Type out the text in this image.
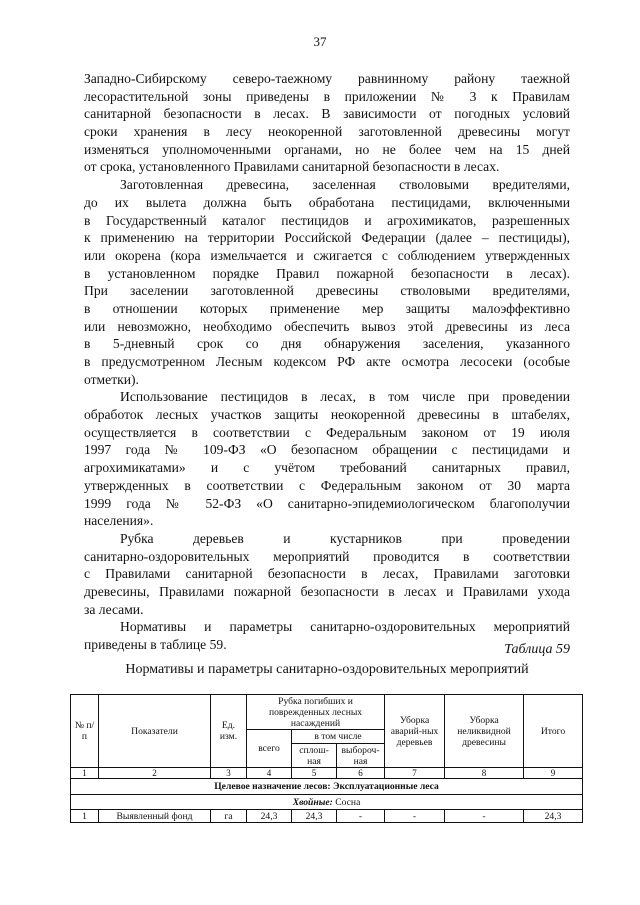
37
Западно-Сибирскому северо-таежному равнинному району таежной
лесорастительной зоны приведены в приложении № 3 к Правилам
санитарной безопасности в лесах. В зависимости от погодных условий
сроки хранения в лесу неокоренной заготовленной древесины могут
изменяться уполномоченными органами, но не более чем на 15 дней
от срока, установленного Правилами санитарной безопасности в лесах.
Заготовленная древесина, заселенная стволовыми вредителями,
до их вылета должна быть обработана пестицидами, включенными
в Государственный каталог пестицидов и агрохимикатов, разрешенных
к применению на территории Российской Федерации (далее – пестициды),
или окорена (кора измельчается и сжигается с соблюдением утвержденных
в установленном порядке Правил пожарной безопасности в лесах).
При заселении заготовленной древесины стволовыми вредителями,
в отношении которых применение мер защиты малоэффективно
или невозможно, необходимо обеспечить вывоз этой древесины из леса
в 5-дневный срок со дня обнаружения заселения, указанного
в предусмотренном Лесным кодексом РФ акте осмотра лесосеки (особые
отметки).
Использование пестицидов в лесах, в том числе при проведении
обработок лесных участков защиты неокоренной древесины в штабелях,
осуществляется в соответствии с Федеральным законом от 19 июля
1997 года № 109-ФЗ «О безопасном обращении с пестицидами и
агрохимикатами» и с учётом требований санитарных правил,
утвержденных в соответствии с Федеральным законом от 30 марта
1999 года № 52-ФЗ «О санитарно-эпидемиологическом благополучии
населения».
Рубка деревьев и кустарников при проведении
санитарно-оздоровительных мероприятий проводится в соответствии
с Правилами санитарной безопасности в лесах, Правилами заготовки
древесины, Правилами пожарной безопасности в лесах и Правилами ухода
за лесами.
Нормативы и параметры санитарно-оздоровительных мероприятий
приведены в таблице 59.	Таблица 59
Нормативы и параметры санитарно-оздоровительных мероприятий
№ п/п	Показатели	Ед. изм.	Рубка погибших и поврежденных лесных насаждений			Уборка аварий-ных деревьев	Уборка неликвидной древесины	Итого
			всего	в том числе				
				сплош-ная	выбороч-ная			
1	2	3	4	5	6	7	8	9
Целевое назначение лесов: Эксплуатационные леса								
Хвойные: Сосна								
1	Выявленный фонд	га	24,3	24,3	-	-	-	24,3
